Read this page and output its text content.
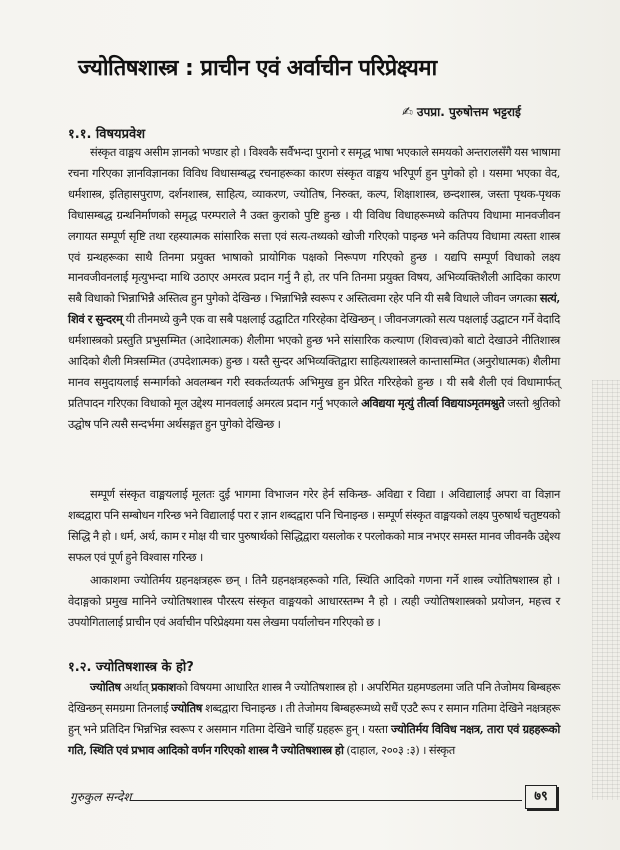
ज्योतिषशास्त्र : प्राचीन एवं अर्वाचीन परिप्रेक्ष्यमा
✍ उपप्रा. पुरुषोत्तम भट्टराई
१.१. विषयप्रवेश

संस्कृत वाङ्मय असीम ज्ञानको भण्डार हो । विश्वकै सर्वैभन्दा पुरानो र समृद्ध भाषा भएकाले समयको अन्तरालसँगै यस भाषामा रचना गरिएका ज्ञानविज्ञानका विविध विधासम्बद्ध रचनाहरूका कारण संस्कृत वाङ्मय भरिपूर्ण हुन पुगेको हो । यसमा भएका वेद, धर्मशास्त्र, इतिहासपुराण, दर्शनशास्त्र, साहित्य, व्याकरण, ज्योतिष, निरुक्त, कल्प, शिक्षाशास्त्र, छन्दशास्त्र, जस्ता पृथक-पृथक विधासम्बद्ध ग्रन्थनिर्माणको समृद्ध परम्पराले नै उक्त कुराको पुष्टि हुन्छ । यी विविध विधाहरूमध्ये कतिपय विधामा मानवजीवन लगायत सम्पूर्ण सृष्टि तथा रहस्यात्मक सांसारिक सत्ता एवं सत्य-तथ्यको खोजी गरिएको पाइन्छ भने कतिपय विधामा त्यस्ता शास्त्र एवं ग्रन्थहरूका साथै तिनमा प्रयुक्त भाषाको प्रायोगिक पक्षको निरूपण गरिएको हुन्छ । यद्यपि सम्पूर्ण विधाको लक्ष्य मानवजीवनलाई मृत्युभन्दा माथि उठाएर अमरत्व प्रदान गर्नु नै हो, तर पनि तिनमा प्रयुक्त विषय, अभिव्यक्तिशैली आदिका कारण सबै विधाको भिन्नाभिन्नै अस्तित्व हुन पुगेको देखिन्छ । भिन्नाभिन्नै स्वरूप र अस्तित्वमा रहेर पनि यी सबै विधाले जीवन जगत्का सत्यं, शिवं र सुन्दरम् यी तीनमध्ये कुनै एक वा सबै पक्षलाई उद्घाटित गरिरहेका देखिन्छन् । जीवनजगत्को सत्य पक्षलाई उद्घाटन गर्ने वेदादि धर्मशास्त्रको प्रस्तुति प्रभुसम्मित (आदेशात्मक) शैलीमा भएको हुन्छ भने सांसारिक कल्याण (शिवत्त्व)को बाटो देखाउने नीतिशास्त्र आदिको शैली मित्रसम्मित (उपदेशात्मक) हुन्छ । यस्तै सुन्दर अभिव्यक्तिद्वारा साहित्यशास्त्रले कान्तासम्मित (अनुरोधात्मक) शैलीमा मानव समुदायलाई सन्मार्गको अवलम्बन गरी स्वकर्तव्यतर्फ अभिमुख हुन प्रेरित गरिरहेको हुन्छ । यी सबै शैली एवं विधामार्फत् प्रतिपादन गरिएका विधाको मूल उद्देश्य मानवलाई अमरत्व प्रदान गर्नु भएकाले अविद्यया मृत्युं तीर्त्वा विद्ययाऽमृतमश्नुते जस्तो श्रुतिको उद्घोष पनि त्यसै सन्दर्भमा अर्थसङ्गत हुन पुगेको देखिन्छ ।

सम्पूर्ण संस्कृत वाङ्मयलाई मूलतः दुई भागमा विभाजन गरेर हेर्न सकिन्छ- अविद्या र विद्या । अविद्यालाई अपरा वा विज्ञान शब्दद्वारा पनि सम्बोधन गरिन्छ भने विद्यालाई परा र ज्ञान शब्दद्वारा पनि चिनाइन्छ । सम्पूर्ण संस्कृत वाङ्मयको लक्ष्य पुरुषार्थ चतुष्टयको सिद्धि नै हो । धर्म, अर्थ, काम र मोक्ष यी चार पुरुषार्थको सिद्धिद्वारा यसलोक र परलोकको मात्र नभएर समस्त मानव जीवनकै उद्देश्य सफल एवं पूर्ण हुने विश्वास गरिन्छ ।

आकाशमा ज्योतिर्मय ग्रहनक्षत्रहरू छन् । तिनै ग्रहनक्षत्रहरूको गति, स्थिति आदिको गणना गर्ने शास्त्र ज्योतिषशास्त्र हो । वेदाङ्गको प्रमुख मानिने ज्योतिषशास्त्र पौरस्त्य संस्कृत वाङ्मयको आधारस्तम्भ नै हो । त्यही ज्योतिषशास्त्रको प्रयोजन, महत्त्व र उपयोगितालाई प्राचीन एवं अर्वाचीन परिप्रेक्ष्यमा यस लेखमा पर्यालोचन गरिएको छ ।

१.२. ज्योतिषशास्त्र के हो?

ज्योतिष अर्थात् प्रकाशको विषयमा आधारित शास्त्र नै ज्योतिषशास्त्र हो । अपरिमित ग्रहमण्डलमा जति पनि तेजोमय बिम्बहरू देखिन्छन् समग्रमा तिनलाई ज्योतिष शब्दद्वारा चिनाइन्छ । ती तेजोमय बिम्बहरूमध्ये सधैं एउटै रूप र समान गतिमा देखिने नक्षत्रहरू हुन् भने प्रतिदिन भिन्नभिन्न स्वरूप र असमान गतिमा देखिने चाहिँ ग्रहहरू हुन् । यस्ता ज्योतिर्मय विविध नक्षत्र, तारा एवं ग्रहहरूको गति, स्थिति एवं प्रभाव आदिको वर्णन गरिएको शास्त्र नै ज्योतिषशास्त्र हो (दाहाल, २००३ :३) । संस्कृत

गुरुकुल सन्देश	७९
